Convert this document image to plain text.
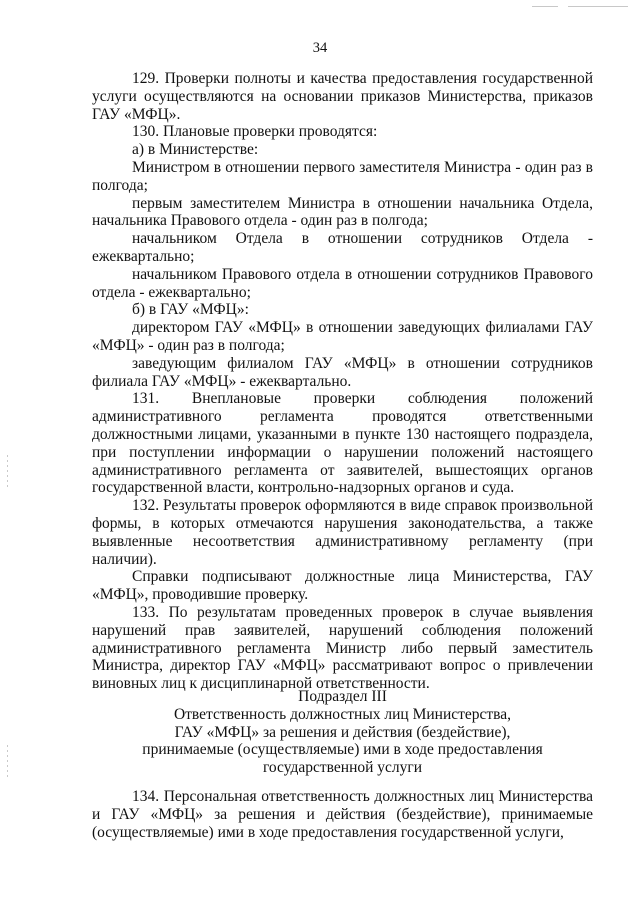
34

129. Проверки полноты и качества предоставления государственной услуги осуществляются на основании приказов Министерства, приказов ГАУ «МФЦ».

130. Плановые проверки проводятся:

а) в Министерстве:

Министром в отношении первого заместителя Министра - один раз в полгода;

первым заместителем Министра в отношении начальника Отдела, начальника Правового отдела - один раз в полгода;

начальником Отдела в отношении сотрудников Отдела - ежеквартально;

начальником Правового отдела в отношении сотрудников Правового отдела - ежеквартально;

б) в ГАУ «МФЦ»:

директором ГАУ «МФЦ» в отношении заведующих филиалами ГАУ «МФЦ» - один раз в полгода;

заведующим филиалом ГАУ «МФЦ» в отношении сотрудников филиала ГАУ «МФЦ» - ежеквартально.

131. Внеплановые проверки соблюдения положений административного регламента проводятся ответственными должностными лицами, указанными в пункте 130 настоящего подраздела, при поступлении информации о нарушении положений настоящего административного регламента от заявителей, вышестоящих органов государственной власти, контрольно-надзорных органов и суда.

132. Результаты проверок оформляются в виде справок произвольной формы, в которых отмечаются нарушения законодательства, а также выявленные несоответствия административному регламенту (при наличии).

Справки подписывают должностные лица Министерства, ГАУ «МФЦ», проводившие проверку.

133. По результатам проведенных проверок в случае выявления нарушений прав заявителей, нарушений соблюдения положений административного регламента Министр либо первый заместитель Министра, директор ГАУ «МФЦ» рассматривают вопрос о привлечении виновных лиц к дисциплинарной ответственности.

Подраздел III
Ответственность должностных лиц Министерства,
ГАУ «МФЦ» за решения и действия (бездействие),
принимаемые (осуществляемые) ими в ходе предоставления
государственной услуги

134. Персональная ответственность должностных лиц Министерства и ГАУ «МФЦ» за решения и действия (бездействие), принимаемые (осуществляемые) ими в ходе предоставления государственной услуги,
